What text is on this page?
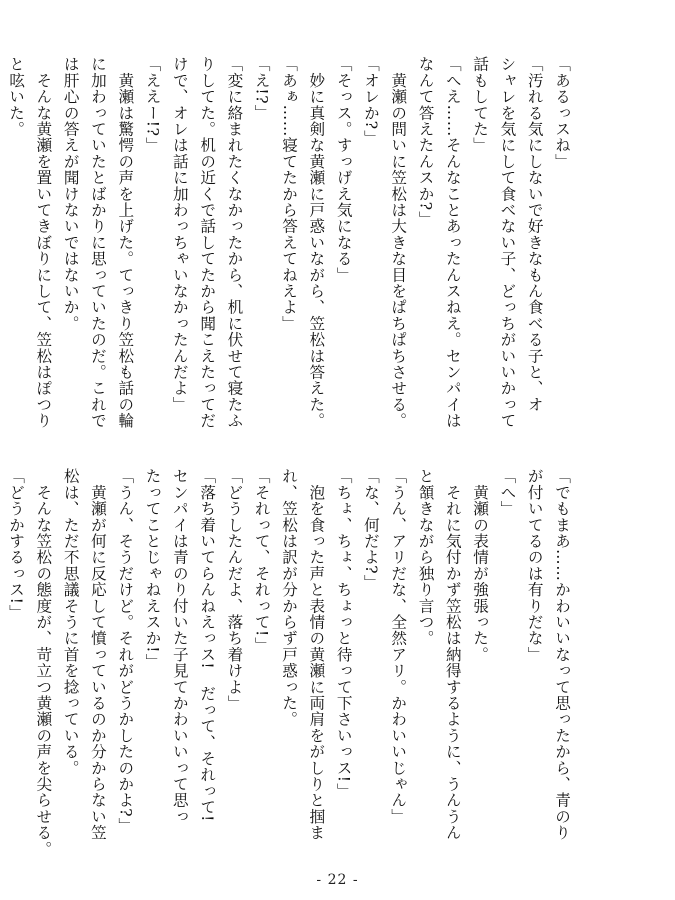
「あるっスね」

「汚れる気にしないで好きなもん食べる子と、オ

シャレを気にして食べない子、どっちがいいかって

話もしてた」

「へえ……そんなことあったんスねえ。センパイは

なんて答えたんスか?」

　黄瀬の問いに笠松は大きな目をぱちぱちさせる。

「オレか?」

「そっス。すっげえ気になる」

　妙に真剣な黄瀬に戸惑いながら、笠松は答えた。

「あぁ……寝てたから答えてねえよ」

「え!?」

「変に絡まれたくなかったから、机に伏せて寝たふ

りしてた。机の近くで話してたから聞こえたってだ

けで、オレは話に加わっちゃいなかったんだよ」

「ええー!?」

　黄瀬は驚愕の声を上げた。てっきり笠松も話の輪

に加わっていたとばかりに思っていたのだ。これで

は肝心の答えが聞けないではないか。

　そんな黄瀬を置いてきぼりにして、笠松はぽつり

と呟いた。

「でもまあ……かわいいなって思ったから、青のり

が付いてるのは有りだな」

「へ」

　黄瀬の表情が強張った。

　それに気付かず笠松は納得するように、うんうん

と頷きながら独り言つ。

「うん、アリだな、全然アリ。かわいいじゃん」

「な、何だよ?」

「ちょ、ちょ、ちょっと待って下さいっス!」

　泡を食った声と表情の黄瀬に両肩をがしりと掴ま

れ、笠松は訳が分からず戸惑った。

「それって、それって!」

「どうしたんだよ、落ち着けよ」

「落ち着いてらんねえっス!　だって、それって!

センパイは青のり付いた子見てかわいいって思っ

たってことじゃねえスか!」

「うん、そうだけど。それがどうかしたのかよ?」

　黄瀬が何に反応して憤っているのか分からない笠

松は、ただ不思議そうに首を捻っている。

　そんな笠松の態度が、苛立つ黄瀬の声を尖らせる。

「どうかするっス!」

- 22 -
